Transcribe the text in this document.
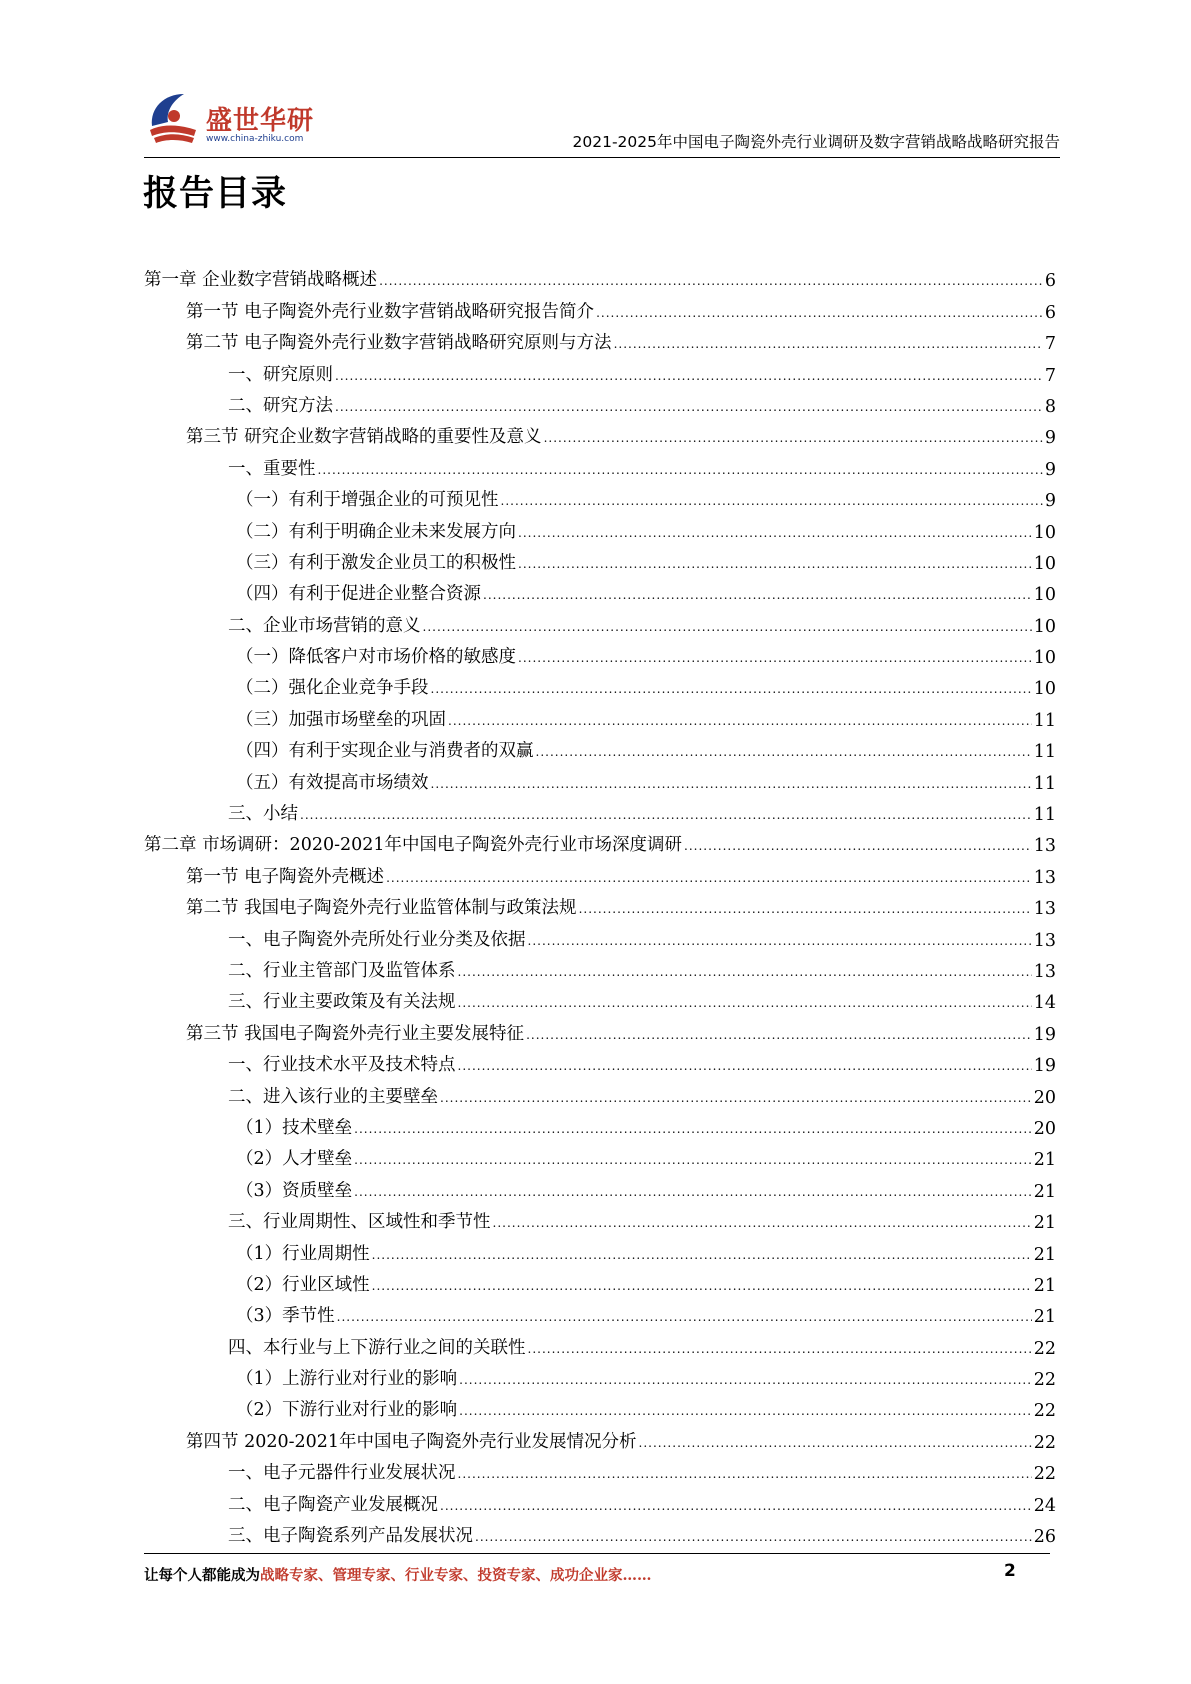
盛世华研
www.china-zhiku.com	2021-2025年中国电子陶瓷外壳行业调研及数字营销战略战略研究报告
报告目录
第一章 企业数字营销战略概述 .....	6
第一节 电子陶瓷外壳行业数字营销战略研究报告简介 .....	6
第二节 电子陶瓷外壳行业数字营销战略研究原则与方法 .....	7
一、研究原则 .....	7
二、研究方法 .....	8
第三节 研究企业数字营销战略的重要性及意义 .....	9
一、重要性 .....	9
（一）有利于增强企业的可预见性 .....	9
（二）有利于明确企业未来发展方向 .....	10
（三）有利于激发企业员工的积极性 .....	10
（四）有利于促进企业整合资源 .....	10
二、企业市场营销的意义 .....	10
（一）降低客户对市场价格的敏感度 .....	10
（二）强化企业竞争手段 .....	10
（三）加强市场壁垒的巩固 .....	11
（四）有利于实现企业与消费者的双赢 .....	11
（五）有效提高市场绩效 .....	11
三、小结 .....	11
第二章 市场调研：2020-2021年中国电子陶瓷外壳行业市场深度调研 .....	13
第一节 电子陶瓷外壳概述 .....	13
第二节 我国电子陶瓷外壳行业监管体制与政策法规 .....	13
一、电子陶瓷外壳所处行业分类及依据 .....	13
二、行业主管部门及监管体系 .....	13
三、行业主要政策及有关法规 .....	14
第三节 我国电子陶瓷外壳行业主要发展特征 .....	19
一、行业技术水平及技术特点 .....	19
二、进入该行业的主要壁垒 .....	20
（1）技术壁垒 .....	20
（2）人才壁垒 .....	21
（3）资质壁垒 .....	21
三、行业周期性、区域性和季节性 .....	21
（1）行业周期性 .....	21
（2）行业区域性 .....	21
（3）季节性 .....	21
四、本行业与上下游行业之间的关联性 .....	22
（1）上游行业对行业的影响 .....	22
（2）下游行业对行业的影响 .....	22
第四节 2020-2021年中国电子陶瓷外壳行业发展情况分析 .....	22
一、电子元器件行业发展状况 .....	22
二、电子陶瓷产业发展概况 .....	24
三、电子陶瓷系列产品发展状况 .....	26
让每个人都能成为战略专家、管理专家、行业专家、投资专家、成功企业家……	2
